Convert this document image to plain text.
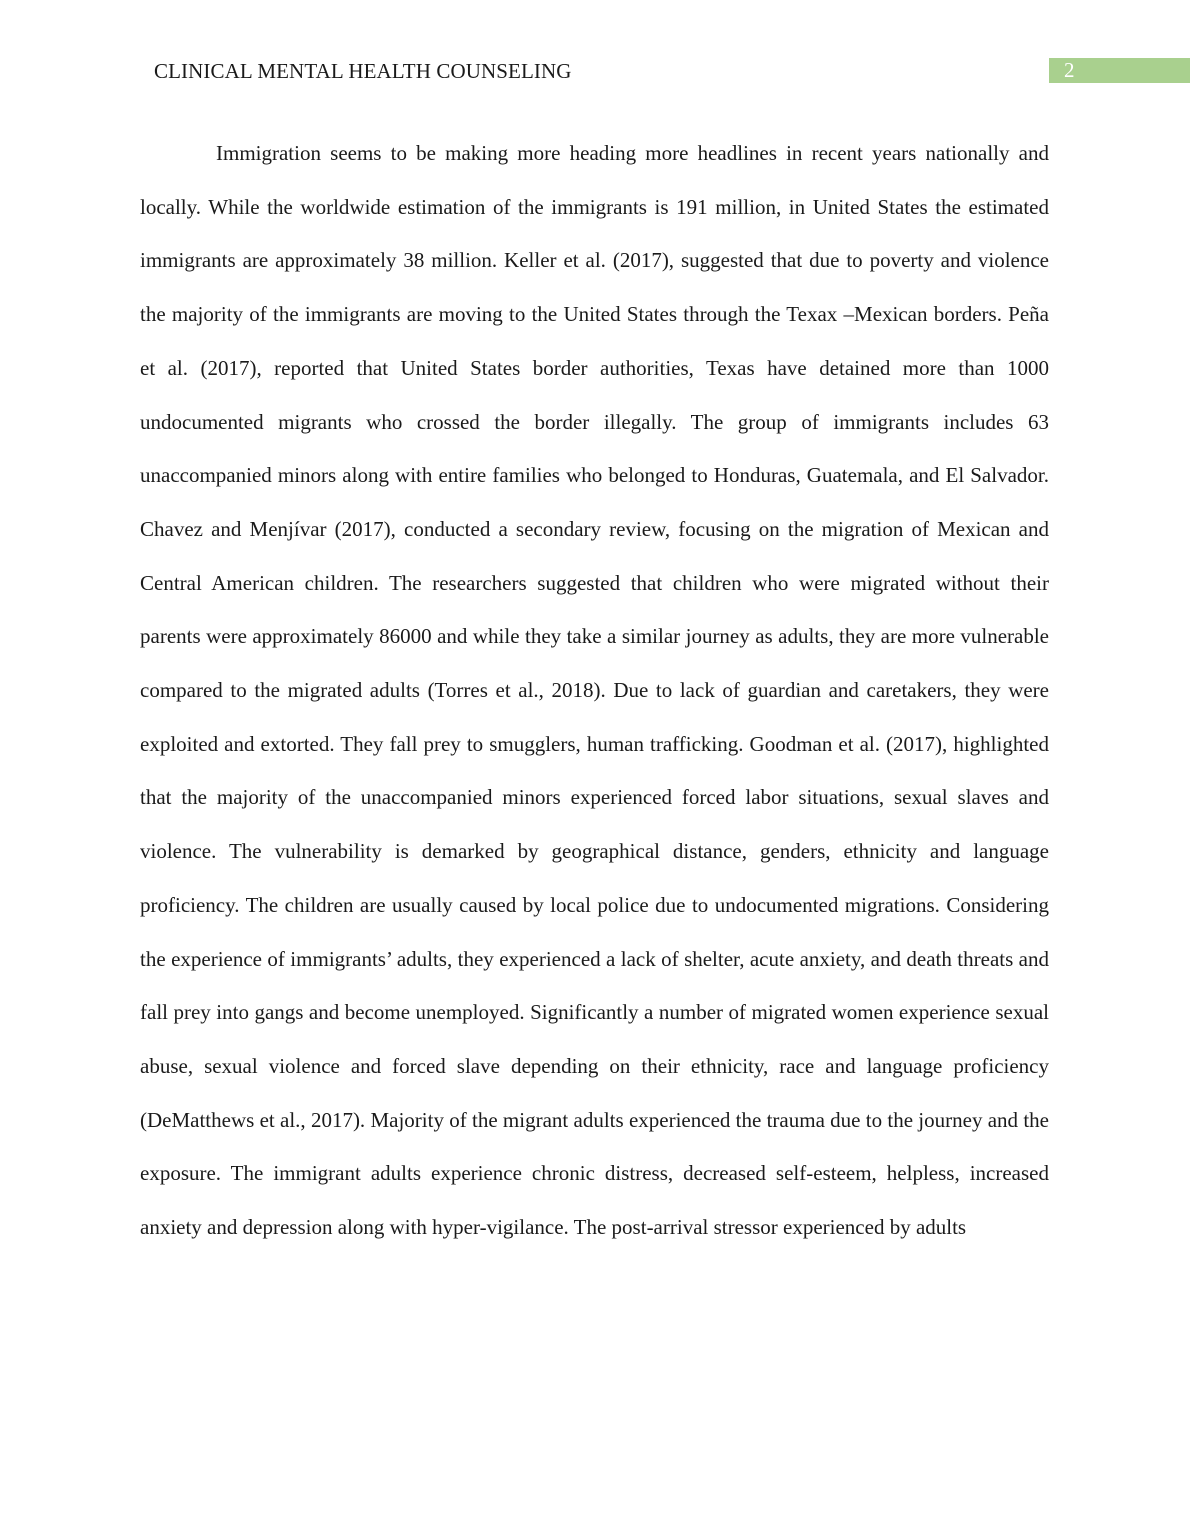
CLINICAL MENTAL HEALTH COUNSELING	2

Immigration seems to be making more heading more headlines in recent years nationally and locally. While the worldwide estimation of the immigrants is 191 million, in United States the estimated immigrants are approximately 38 million. Keller et al. (2017), suggested that due to poverty and violence the majority of the immigrants are moving to the United States through the Texax –Mexican borders. Peña et al. (2017), reported that United States border authorities, Texas have detained more than 1000 undocumented migrants who crossed the border illegally. The group of immigrants includes 63 unaccompanied minors along with entire families who belonged to Honduras, Guatemala, and El Salvador. Chavez and Menjívar (2017), conducted a secondary review, focusing on the migration of Mexican and Central American children. The researchers suggested that children who were migrated without their parents were approximately 86000 and while they take a similar journey as adults, they are more vulnerable compared to the migrated adults (Torres et al., 2018). Due to lack of guardian and caretakers, they were exploited and extorted. They fall prey to smugglers, human trafficking. Goodman et al. (2017), highlighted that the majority of the unaccompanied minors experienced forced labor situations, sexual slaves and violence. The vulnerability is demarked by geographical distance, genders, ethnicity and language proficiency. The children are usually caused by local police due to undocumented migrations. Considering the experience of immigrants’ adults, they experienced a lack of shelter, acute anxiety, and death threats and fall prey into gangs and become unemployed. Significantly a number of migrated women experience sexual abuse, sexual violence and forced slave depending on their ethnicity, race and language proficiency (DeMatthews et al., 2017). Majority of the migrant adults experienced the trauma due to the journey and the exposure. The immigrant adults experience chronic distress, decreased self-esteem, helpless, increased anxiety and depression along with hyper-vigilance. The post-arrival stressor experienced by adults
